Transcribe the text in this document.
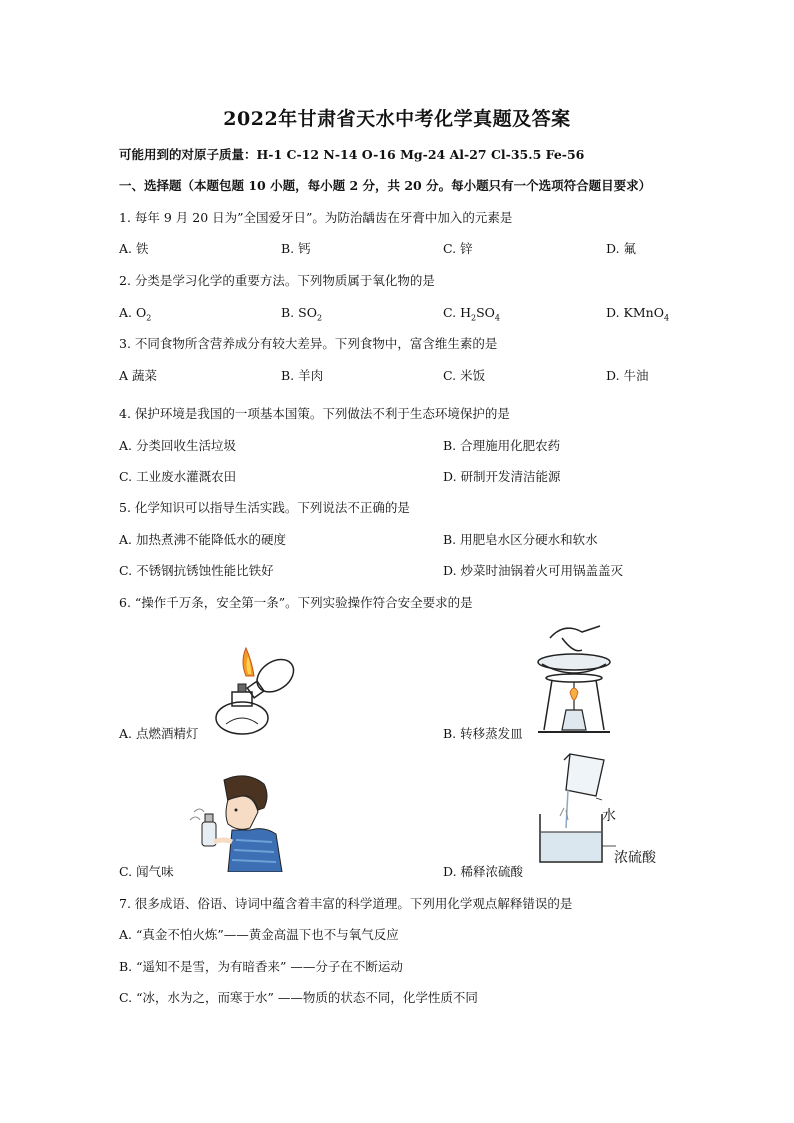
2022年甘肃省天水中考化学真题及答案
可能用到的对原子质量：H-1 C-12 N-14 O-16 Mg-24 Al-27 Cl-35.5 Fe-56
一、选择题（本题包题 10 小题，每小题 2 分，共 20 分。每小题只有一个选项符合题目要求）
1. 每年 9 月 20 日为”全国爱牙日”。为防治龋齿在牙膏中加入的元素是
A. 铁	B. 钙	C. 锌	D. 氟
2. 分类是学习化学的重要方法。下列物质属于氧化物的是
A. $O_2$	B. $SO_2$	C. $H_2SO_4$	D. KMnO$_4$
3. 不同食物所含营养成分有较大差异。下列食物中，富含维生素的是
A 蔬菜	B. 羊肉	C. 米饭	D. 牛油
4. 保护环境是我国的一项基本国策。下列做法不利于生态环境保护的是
A. 分类回收生活垃圾	B. 合理施用化肥农药
C. 工业废水灌溉农田	D. 研制开发清洁能源
5. 化学知识可以指导生活实践。下列说法不正确的是
A. 加热煮沸不能降低水的硬度	B. 用肥皂水区分硬水和软水
C. 不锈钢抗锈蚀性能比铁好	D. 炒菜时油锅着火可用锅盖盖灭
6. “操作千万条，安全第一条”。下列实验操作符合安全要求的是
A. 点燃酒精灯	B. 转移蒸发皿
水
浓硫酸
C. 闻气味	D. 稀释浓硫酸
7. 很多成语、俗语、诗词中蕴含着丰富的科学道理。下列用化学观点解释错误的是
A. “真金不怕火炼”——黄金高温下也不与氧气反应
B. “遥知不是雪，为有暗香来” ——分子在不断运动
C. “冰，水为之，而寒于水” ——物质的状态不同，化学性质不同
